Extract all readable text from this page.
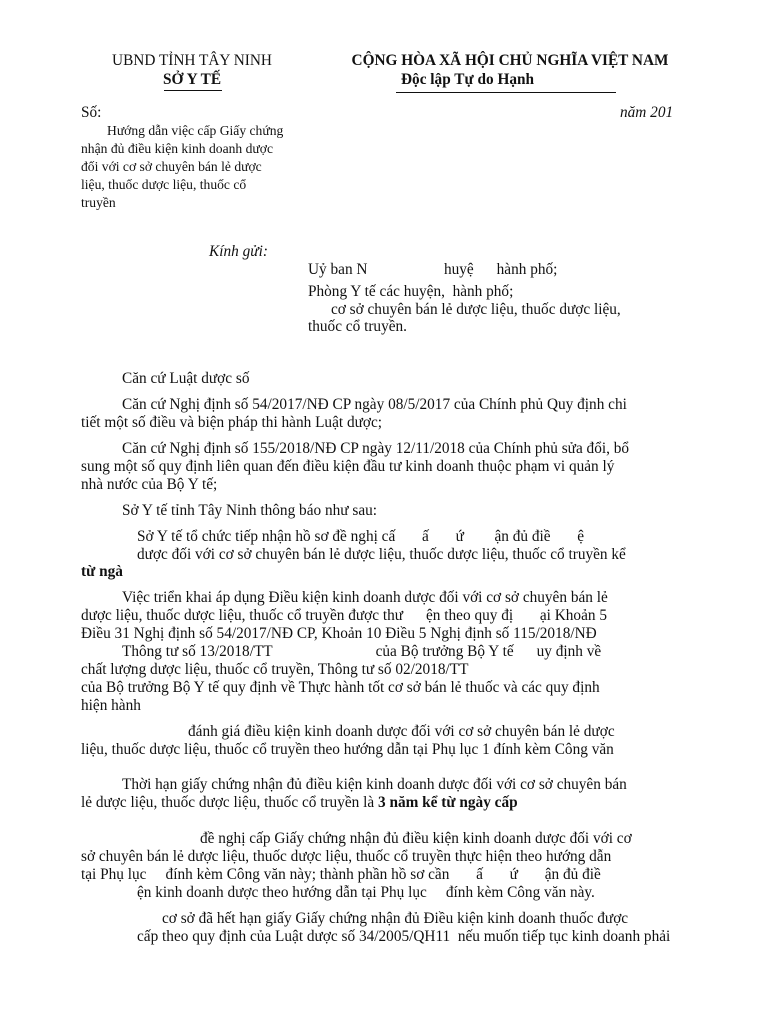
UBND TỈNH TÂY NINH
SỞ Y TẾ
CỘNG HÒA XÃ HỘI CHỦ NGHĨA VIỆT NAM
Độc lập Tự do Hạnh
Số:	năm 201
Hướng dẫn việc cấp Giấy chứng
nhận đủ điều kiện kinh doanh dược
đối với cơ sở chuyên bán lẻ dược
liệu, thuốc dược liệu, thuốc cổ
truyền
Kính gửi:
Uỷ ban N                    huyệ      hành phố;
Phòng Y tế các huyện,  hành phố;
cơ sở chuyên bán lẻ dược liệu, thuốc dược liệu,
thuốc cổ truyền.
Căn cứ Luật dược số
Căn cứ Nghị định số 54/2017/NĐ CP ngày 08/5/2017 của Chính phủ Quy định chi
tiết một số điều và biện pháp thi hành Luật dược;
Căn cứ Nghị định số 155/2018/NĐ CP ngày 12/11/2018 của Chính phủ sửa đổi, bổ
sung một số quy định liên quan đến điều kiện đầu tư kinh doanh thuộc phạm vi quản lý
nhà nước của Bộ Y tế;
Sở Y tế tỉnh Tây Ninh thông báo như sau:
Sở Y tế tổ chức tiếp nhận hồ sơ đề nghị cấ       ấ       ứ        ận đủ điề       ệ
dược đối với cơ sở chuyên bán lẻ dược liệu, thuốc dược liệu, thuốc cổ truyền kể
từ ngà
Việc triển khai áp dụng Điều kiện kinh doanh dược đối với cơ sở chuyên bán lẻ
dược liệu, thuốc dược liệu, thuốc cổ truyền được thư      ện theo quy đị       ại Khoản 5
Điều 31 Nghị định số 54/2017/NĐ CP, Khoản 10 Điều 5 Nghị định số 115/2018/NĐ
Thông tư số 13/2018/TT                           của Bộ trưởng Bộ Y tế      uy định về
chất lượng dược liệu, thuốc cổ truyền, Thông tư số 02/2018/TT
của Bộ trưởng Bộ Y tế quy định về Thực hành tốt cơ sở bán lẻ thuốc và các quy định
hiện hành
đánh giá điều kiện kinh doanh dược đối với cơ sở chuyên bán lẻ dược
liệu, thuốc dược liệu, thuốc cổ truyền theo hướng dẫn tại Phụ lục 1 đính kèm Công văn
Thời hạn giấy chứng nhận đủ điều kiện kinh doanh dược đối với cơ sở chuyên bán
lẻ dược liệu, thuốc dược liệu, thuốc cổ truyền là 3 năm kể từ ngày cấp
đề nghị cấp Giấy chứng nhận đủ điều kiện kinh doanh dược đối với cơ
sở chuyên bán lẻ dược liệu, thuốc dược liệu, thuốc cổ truyền thực hiện theo hướng dẫn
tại Phụ lục     đính kèm Công văn này; thành phần hồ sơ cần       ấ       ứ       ận đủ điề
ện kinh doanh dược theo hướng dẫn tại Phụ lục     đính kèm Công văn này.
cơ sở đã hết hạn giấy Giấy chứng nhận đủ Điều kiện kinh doanh thuốc được
cấp theo quy định của Luật dược số 34/2005/QH11  nếu muốn tiếp tục kinh doanh phải
